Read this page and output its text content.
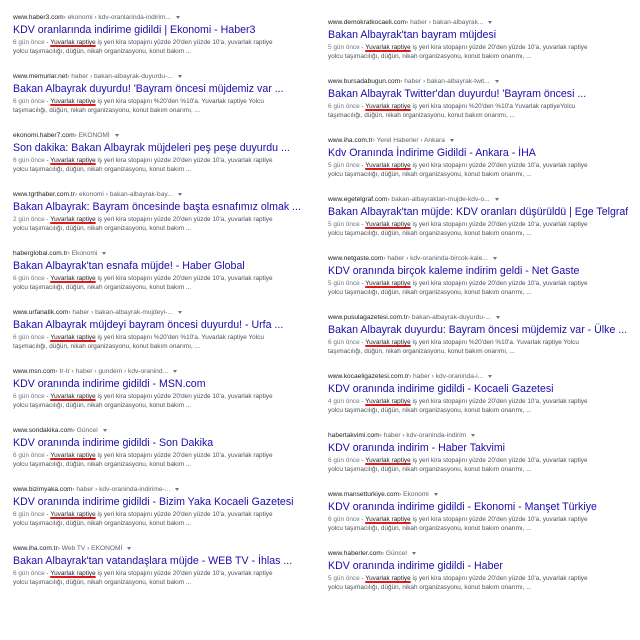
www.haber3.com › ekonomi › kdv-oranlarinda-indirim...
KDV oranlarında indirime gidildi | Ekonomi - Haber3
6 gün önce - Yuvarlak raptiye iş yeri kira stopajını yüzde 20'den yüzde 10'a, yuvarlak raptiye
yolcu taşımacılığı, düğün, nikah organizasyonu, konut bakım ...
www.memurlar.net › haber › bakan-albayrak-duyurdu-...
Bakan Albayrak duyurdu! 'Bayram öncesi müjdemiz var ...
6 gün önce - Yuvarlak raptiye iş yeri kira stopajını %20'den %10'a. Yuvarlak raptiye Yolcu
taşımacılığı, düğün, nikah organizasyonu, konut bakım onarımı, ...
ekonomi.haber7.com › EKONOMİ
Son dakika: Bakan Albayrak müjdeleri peş peşe duyurdu ...
6 gün önce - Yuvarlak raptiye iş yeri kira stopajını yüzde 20'den yüzde 10'a, yuvarlak raptiye
yolcu taşımacılığı, düğün, nikah organizasyonu, konut bakım ...
www.tgrthaber.com.tr › ekonomi › bakan-albayrak-bay...
Bakan Albayrak: Bayram öncesinde başta esnafımız olmak ...
2 gün önce - Yuvarlak raptiye iş yeri kira stopajını yüzde 20'den yüzde 10'a, yuvarlak raptiye
yolcu taşımacılığı, düğün, nikah organizasyonu, konut bakım ...
haberglobal.com.tr › Ekonomi
Bakan Albayrak'tan esnafa müjde! - Haber Global
6 gün önce - Yuvarlak raptiye iş yeri kira stopajını yüzde 20'den yüzde 10'a, yuvarlak raptiye
yolcu taşımacılığı, düğün, nikah organizasyonu, konut bakım ...
www.urfanatik.com › haber › bakan-albayrak-mujdeyi-...
Bakan Albayrak müjdeyi bayram öncesi duyurdu! - Urfa ...
6 gün önce - Yuvarlak raptiye iş yeri kira stopajını %20'den %10'a. Yuvarlak raptiye Yolcu
taşımacılığı, düğün, nikah organizasyonu, konut bakım onarımı, ...
www.msn.com › tr-tr › haber › gundem › kdv-oranind...
KDV oranında indirime gidildi - MSN.com
6 gün önce - Yuvarlak raptiye iş yeri kira stopajını yüzde 20'den yüzde 10'a, yuvarlak raptiye
yolcu taşımacılığı, düğün, nikah organizasyonu, konut bakım ...
www.sondakika.com › Güncel
KDV oranında indirime gidildi - Son Dakika
6 gün önce - Yuvarlak raptiye iş yeri kira stopajını yüzde 20'den yüzde 10'a, yuvarlak raptiye
yolcu taşımacılığı, düğün, nikah organizasyonu, konut bakım ...
www.bizimyaka.com › haber › kdv-oraninda-indirime-...
KDV oranında indirime gidildi - Bizim Yaka Kocaeli Gazetesi
6 gün önce - Yuvarlak raptiye iş yeri kira stopajını yüzde 20'den yüzde 10'a, yuvarlak raptiye
yolcu taşımacılığı, düğün, nikah organizasyonu, konut bakım ...
www.iha.com.tr › Web TV › EKONOMİ
Bakan Albayrak'tan vatandaşlara müjde - WEB TV - İhlas ...
6 gün önce - Yuvarlak raptiye iş yeri kira stopajını yüzde 20'den yüzde 10'a, yuvarlak raptiye
yolcu taşımacılığı, düğün, nikah organizasyonu, konut bakım ...
www.demokratkocaeli.com › haber › bakan-albayrak...
Bakan Albayrak'tan bayram müjdesi
5 gün önce - Yuvarlak raptiye iş yeri kira stopajını yüzde 20'den yüzde 10'a, yuvarlak raptiye
yolcu taşımacılığı, düğün, nikah organizasyonu, konut bakım onarımı, ...
www.bursadabugun.com › haber › bakan-albayrak-twit...
Bakan Albayrak Twitter'dan duyurdu! 'Bayram öncesi ...
6 gün önce - Yuvarlak raptiye iş yeri kira stopajını %20'den %10'a Yuvarlak raptiyeYolcu
taşımacılığı, düğün, nikah organizasyonu, konut bakım onarımı, ...
www.iha.com.tr › Yerel Haberler › Ankara
Kdv Oranında İndirime Gidildi - Ankara - İHA
5 gün önce - Yuvarlak raptiye iş yeri kira stopajını yüzde 20'den yüzde 10'a, yuvarlak raptiye
yolcu taşımacılığı, düğün, nikah organizasyonu, konut bakım onarımı, ...
www.egetelgraf.com › bakan-albayraktan-mujde-kdv-o...
Bakan Albayrak'tan müjde: KDV oranları düşürüldü | Ege Telgraf
5 gün önce - Yuvarlak raptiye iş yeri kira stopajını yüzde 20'den yüzde 10'a, yuvarlak raptiye
yolcu taşımacılığı, düğün, nikah organizasyonu, konut bakım onarımı, ...
www.netgaste.com › haber › kdv-oraninda-bircok-kale...
KDV oranında birçok kaleme indirim geldi - Net Gaste
5 gün önce - Yuvarlak raptiye iş yeri kira stopajını yüzde 20'den yüzde 10'a, yuvarlak raptiye
yolcu taşımacılığı, düğün, nikah organizasyonu, konut bakım onarımı, ...
www.pusulagazetesi.com.tr › bakan-albayrak-duyurdu-...
Bakan Albayrak duyurdu: Bayram öncesi müjdemiz var - Ülke ...
6 gün önce - Yuvarlak raptiye iş yeri kira stopajını %20'den %10'a. Yuvarlak raptiye Yolcu
taşımacılığı, düğün, nikah organizasyonu, konut bakım onarımı, ...
www.kocaeligazetesi.com.tr › haber › kdv-oraninda-i...
KDV oranında indirime gidildi - Kocaeli Gazetesi
4 gün önce - Yuvarlak raptiye iş yeri kira stopajını yüzde 20'den yüzde 10'a, yuvarlak raptiye
yolcu taşımacılığı, düğün, nikah organizasyonu, konut bakım onarımı, ...
habertakvimi.com › haber › kdv-oraninda-indirim
KDV oranında indirim - Haber Takvimi
6 gün önce - Yuvarlak raptiye iş yeri kira stopajını yüzde 20'den yüzde 10'a, yuvarlak raptiye
yolcu taşımacılığı, düğün, nikah organizasyonu, konut bakım onarımı, ...
www.mansetturkiye.com › Ekonomi
KDV oranında indirime gidildi - Ekonomi - Manşet Türkiye
6 gün önce - Yuvarlak raptiye iş yeri kira stopajını yüzde 20'den yüzde 10'a, yuvarlak raptiye
yolcu taşımacılığı, düğün, nikah organizasyonu, konut bakım onarımı, ...
www.haberler.com › Güncel
KDV oranında indirime gidildi - Haber
5 gün önce - Yuvarlak raptiye iş yeri kira stopajını yüzde 20'den yüzde 10'a, yuvarlak raptiye
yolcu taşımacılığı, düğün, nikah organizasyonu, konut bakım onarımı, ...
